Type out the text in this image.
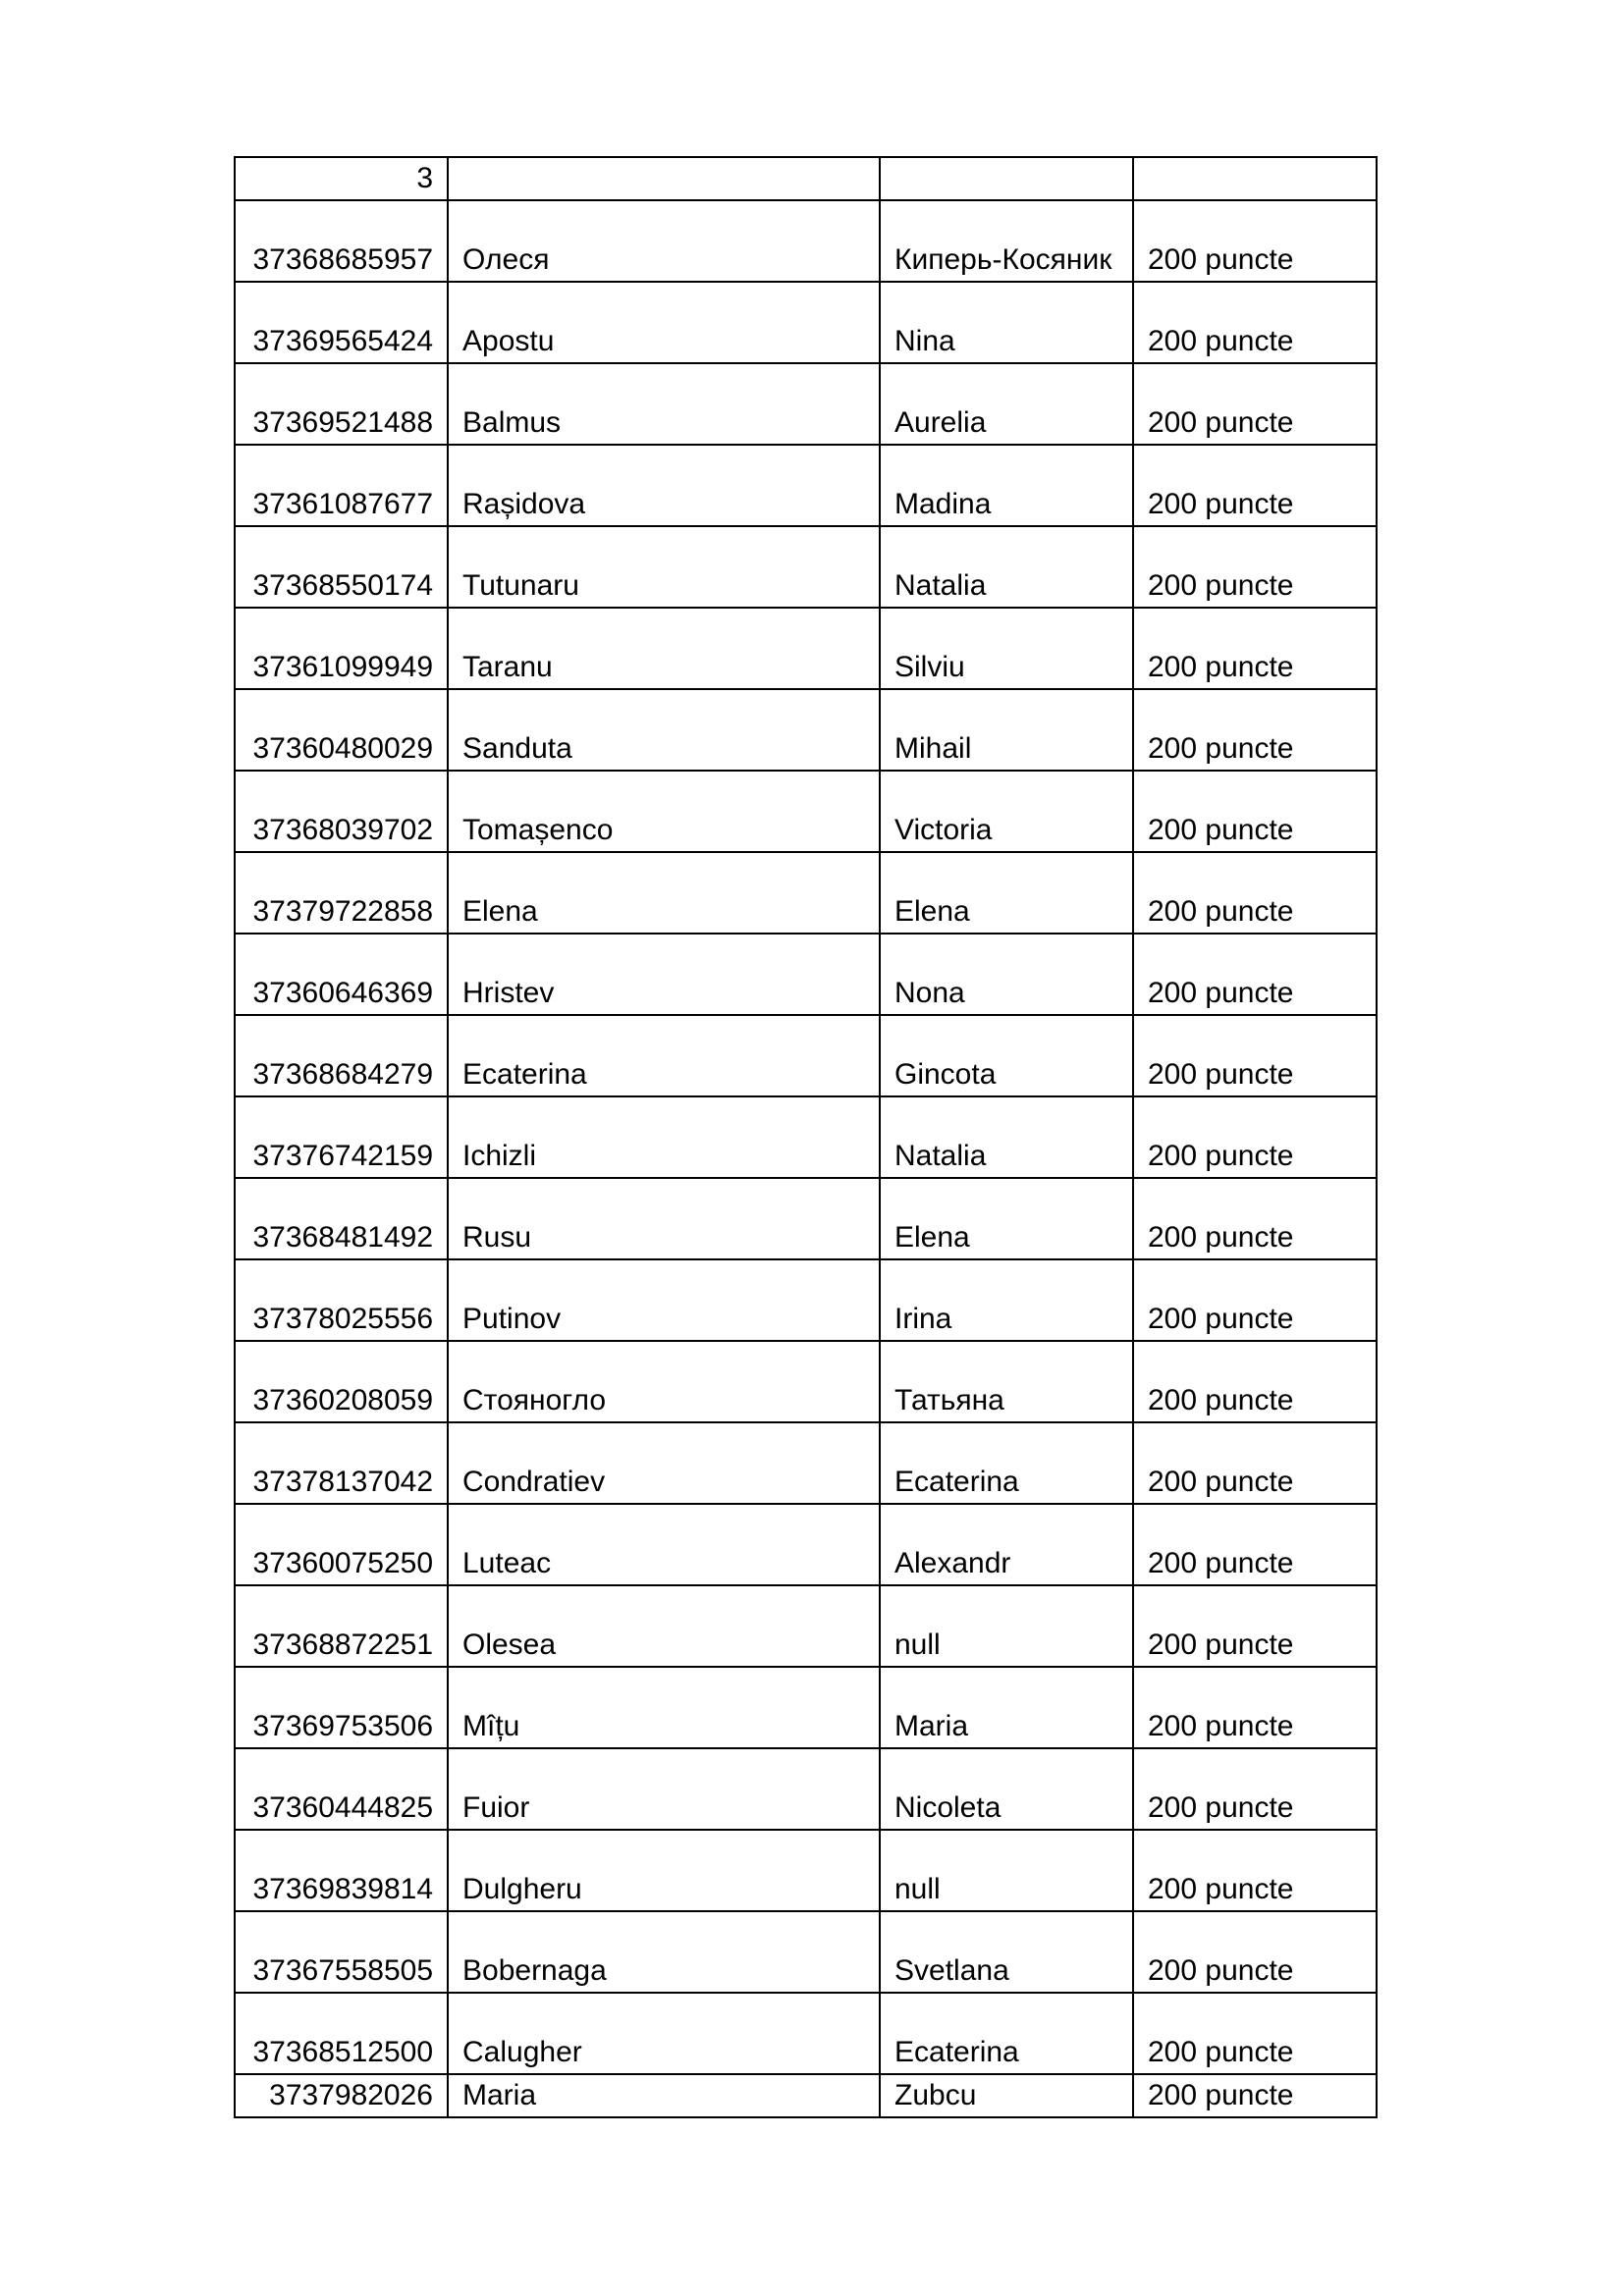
3			
37368685957	Олеся	Киперь-Косяник	200 puncte
37369565424	Apostu	Nina	200 puncte
37369521488	Balmus	Aurelia	200 puncte
37361087677	Rașidova	Madina	200 puncte
37368550174	Tutunaru	Natalia	200 puncte
37361099949	Taranu	Silviu	200 puncte
37360480029	Sanduta	Mihail	200 puncte
37368039702	Tomașenco	Victoria	200 puncte
37379722858	Elena	Elena	200 puncte
37360646369	Hristev	Nona	200 puncte
37368684279	Ecaterina	Gincota	200 puncte
37376742159	Ichizli	Natalia	200 puncte
37368481492	Rusu	Elena	200 puncte
37378025556	Putinov	Irina	200 puncte
37360208059	Стояногло	Татьяна	200 puncte
37378137042	Condratiev	Ecaterina	200 puncte
37360075250	Luteac	Alexandr	200 puncte
37368872251	Olesea	null	200 puncte
37369753506	Mîțu	Maria	200 puncte
37360444825	Fuior	Nicoleta	200 puncte
37369839814	Dulgheru	null	200 puncte
37367558505	Bobernaga	Svetlana	200 puncte
37368512500	Calugher	Ecaterina	200 puncte
3737982026	Maria	Zubcu	200 puncte
